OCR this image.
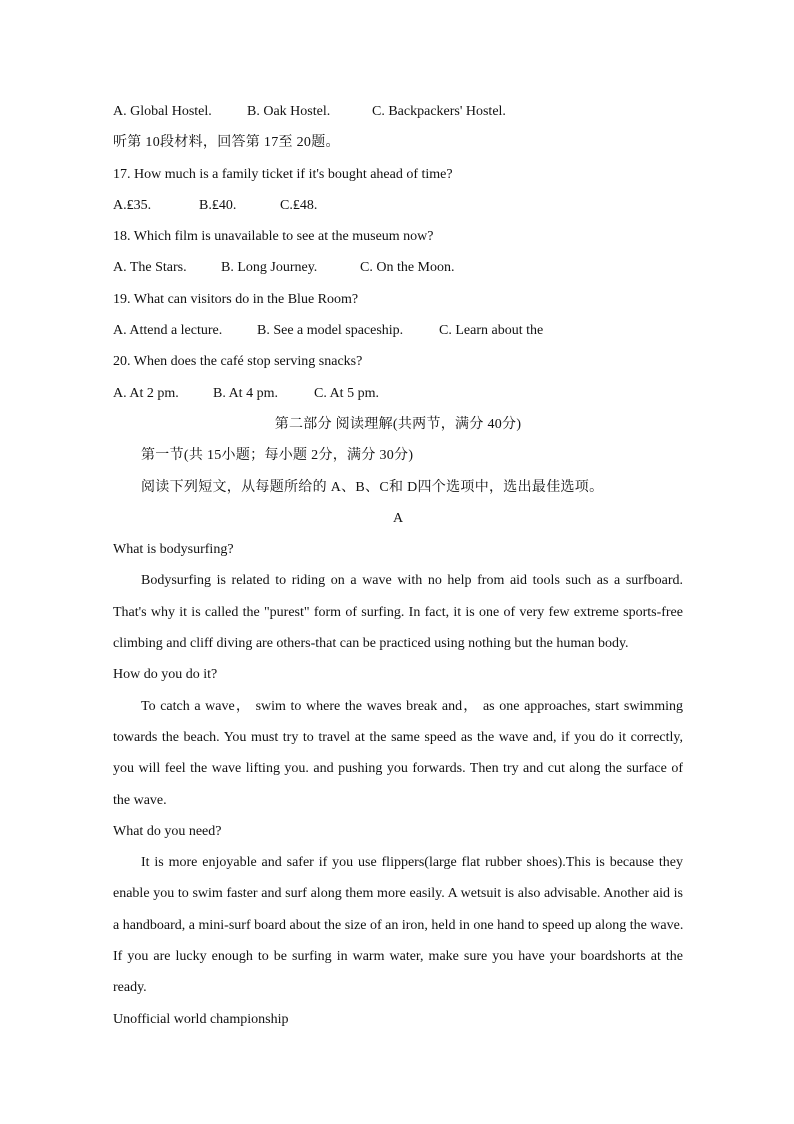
A. Global Hostel.	B. Oak Hostel.	C. Backpackers' Hostel.
听第 10段材料，回答第 17至 20题。
17. How much is a family ticket if it's bought ahead of time?
A.₤35.	B.₤40.	C.₤48.
18. Which film is unavailable to see at the museum now?
A. The Stars. B. Long Journey.	C. On the Moon.
19. What can visitors do in the Blue Room?
A. Attend a lecture. B. See a model spaceship.	C. Learn about the
20. When does the café stop serving snacks?
A. At 2 pm. B. At 4 pm.	C. At 5 pm.
第二部分 阅读理解(共两节，满分 40分)
第一节(共 15小题；每小题 2分，满分 30分)
阅读下列短文，从每题所给的 A、B、C和 D四个选项中，选出最佳选项。
A
What is bodysurfing?
Bodysurfing is related to riding on a wave with no help from aid tools such as a surfboard.
That's why it is called the "purest" form of surfing. In fact, it is one of very few extreme sports-free
climbing and cliff diving are others-that can be practiced using nothing but the human body.
How do you do it?
To catch a wave， swim to where the waves break and， as one approaches, start swimming
towards the beach. You must try to travel at the same speed as the wave and, if you do it correctly,
you will feel the wave lifting you. and pushing you forwards. Then try and cut along the surface of
the wave.
What do you need?
It is more enjoyable and safer if you use flippers(large flat rubber shoes).This is because they
enable you to swim faster and surf along them more easily. A wetsuit is also advisable. Another aid is
a handboard, a mini-surf board about the size of an iron, held in one hand to speed up along the wave.
If you are lucky enough to be surfing in warm water, make sure you have your boardshorts at the
ready.
Unofficial world championship
